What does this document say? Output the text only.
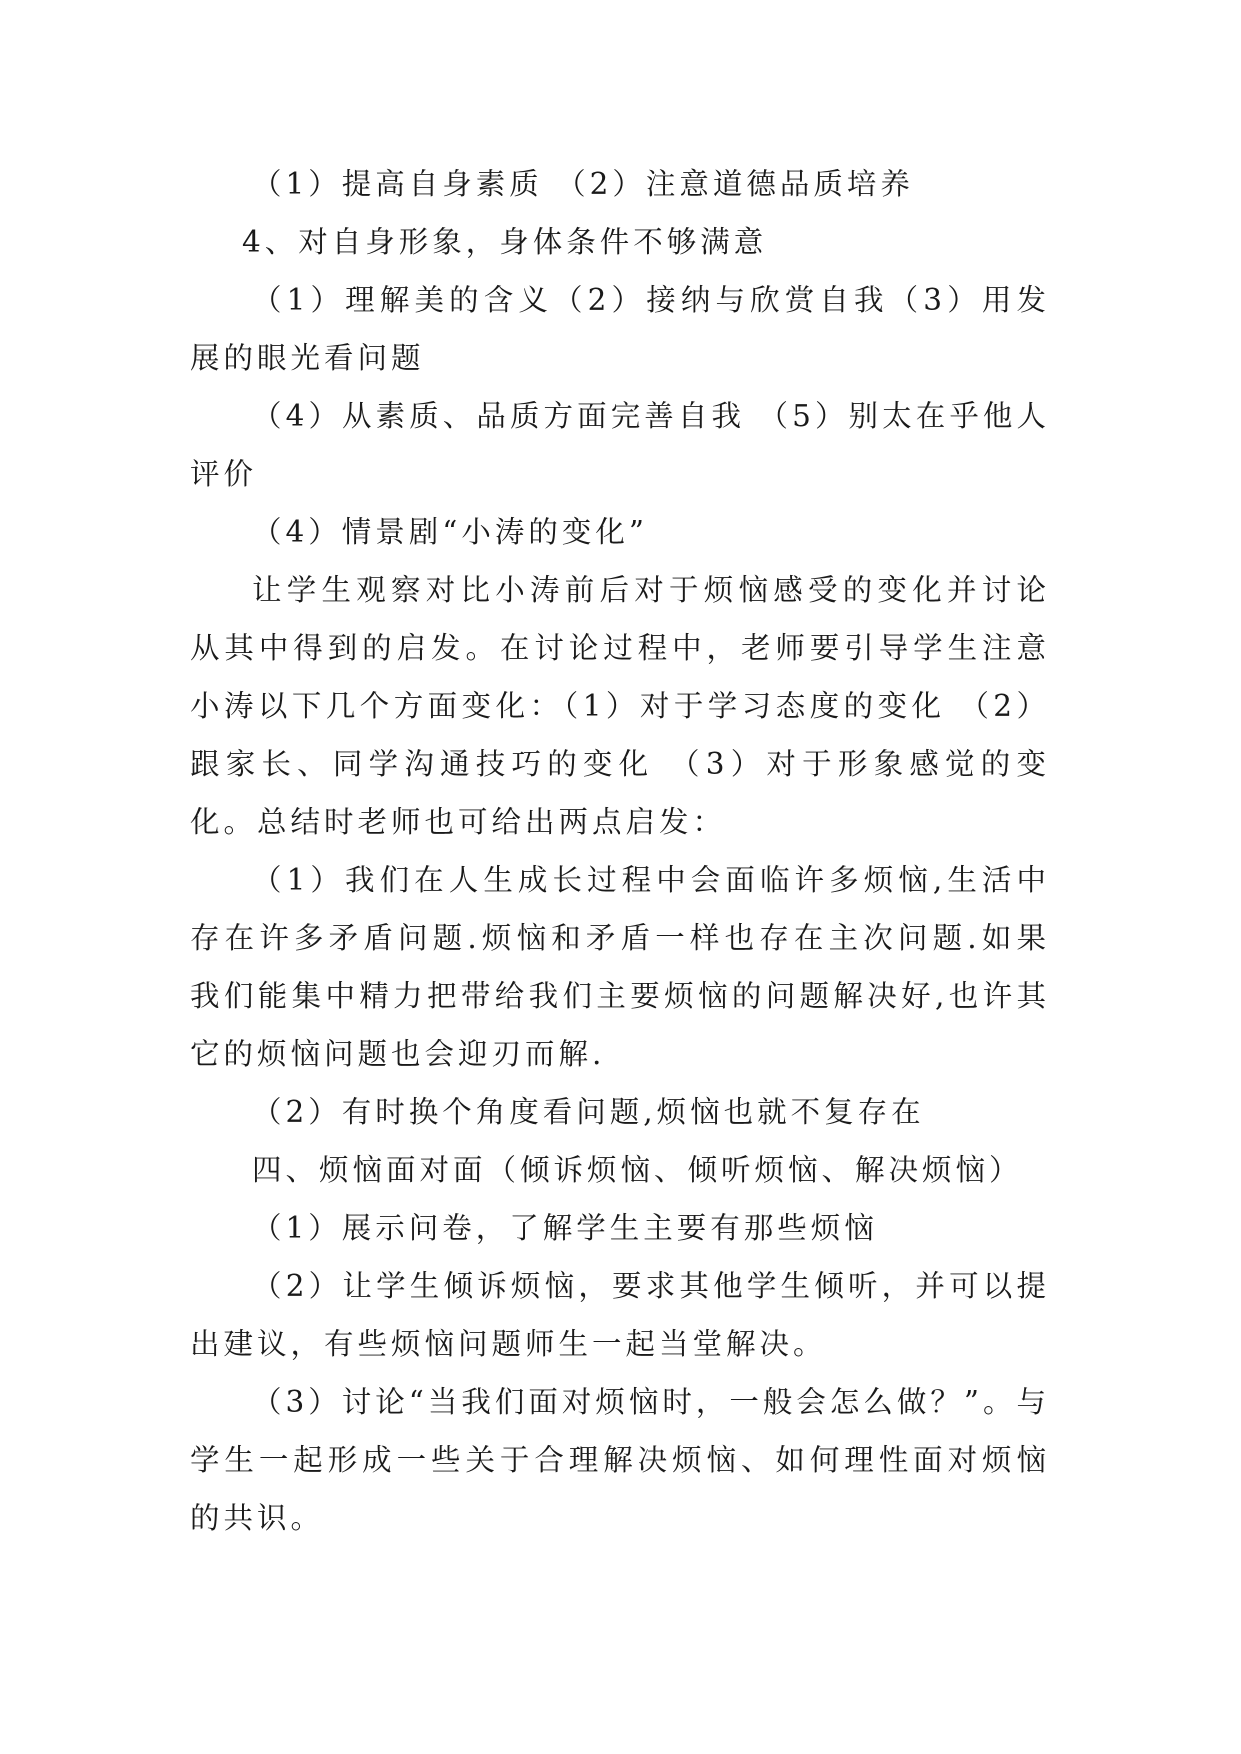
（1）提高自身素质 （2）注意道德品质培养

4、对自身形象，身体条件不够满意

（1）理解美的含义（2）接纳与欣赏自我（3）用发展的眼光看问题

（4）从素质、品质方面完善自我 （5）别太在乎他人评价

（4）情景剧“小涛的变化”

让学生观察对比小涛前后对于烦恼感受的变化并讨论从其中得到的启发。在讨论过程中，老师要引导学生注意小涛以下几个方面变化：（1）对于学习态度的变化 （2）跟家长、同学沟通技巧的变化 （3）对于形象感觉的变化。总结时老师也可给出两点启发：

（1）我们在人生成长过程中会面临许多烦恼,生活中存在许多矛盾问题.烦恼和矛盾一样也存在主次问题.如果我们能集中精力把带给我们主要烦恼的问题解决好,也许其它的烦恼问题也会迎刃而解.

（2）有时换个角度看问题,烦恼也就不复存在

四、烦恼面对面（倾诉烦恼、倾听烦恼、解决烦恼）

（1）展示问卷，了解学生主要有那些烦恼

（2）让学生倾诉烦恼，要求其他学生倾听，并可以提出建议，有些烦恼问题师生一起当堂解决。

（3）讨论“当我们面对烦恼时，一般会怎么做？”。与学生一起形成一些关于合理解决烦恼、如何理性面对烦恼的共识。
